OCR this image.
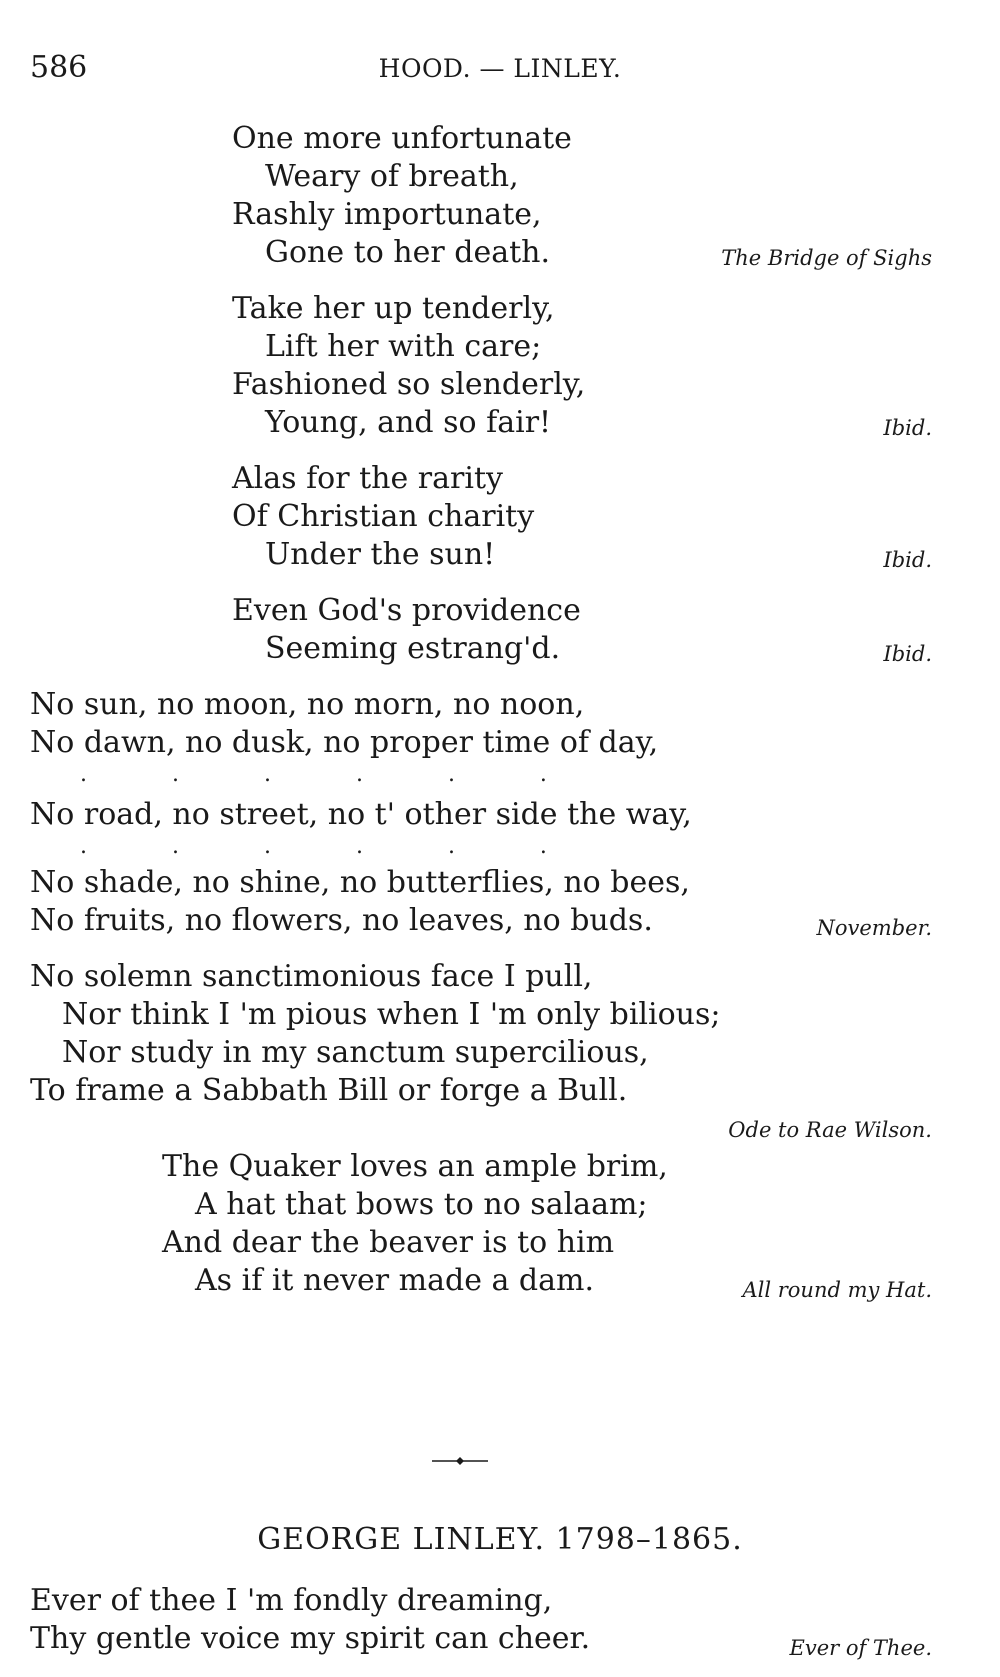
586	HOOD. — LINLEY.
One more unfortunate
Weary of breath,
Rashly importunate,
Gone to her death.	The Bridge of Sighs
Take her up tenderly,
Lift her with care;
Fashioned so slenderly,
Young, and so fair!	Ibid.
Alas for the rarity
Of Christian charity
Under the sun!	Ibid.
Even God's providence
Seeming estrang'd.	Ibid.
No sun, no moon, no morn, no noon,
No dawn, no dusk, no proper time of day,
. . . . . .
No road, no street, no t' other side the way,
. . . . . .
No shade, no shine, no butterflies, no bees,
No fruits, no flowers, no leaves, no buds.	November.
No solemn sanctimonious face I pull,
Nor think I 'm pious when I 'm only bilious;
Nor study in my sanctum supercilious,
To frame a Sabbath Bill or forge a Bull.
Ode to Rae Wilson.
The Quaker loves an ample brim,
A hat that bows to no salaam;
And dear the beaver is to him
As if it never made a dam.	All round my Hat.
GEORGE LINLEY. 1798–1865.
Ever of thee I 'm fondly dreaming,
Thy gentle voice my spirit can cheer.	Ever of Thee.
